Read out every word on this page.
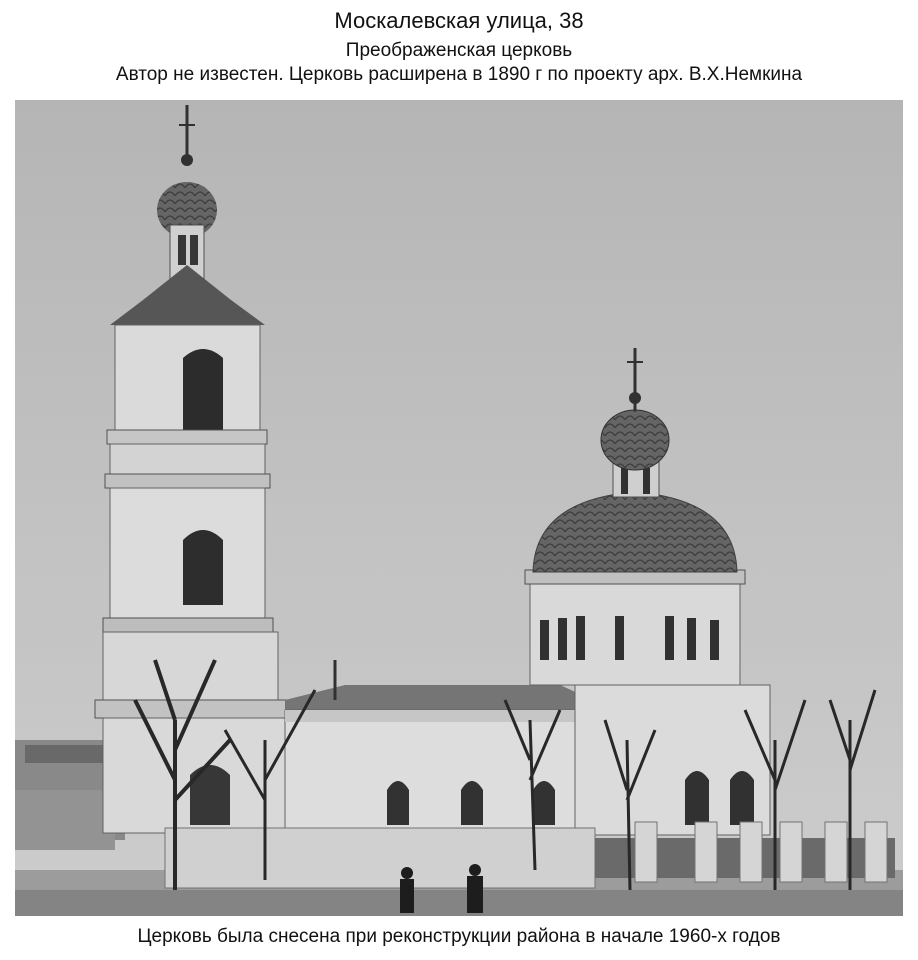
Москалевская улица, 38
Преображенская церковь
Автор не известен. Церковь расширена в 1890 г по проекту арх. В.Х.Немкина
Церковь была снесена при реконструкции района в начале 1960-х годов
